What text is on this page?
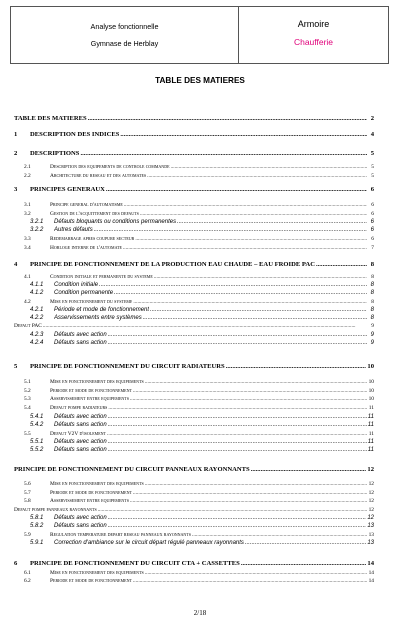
Analyse fonctionnelle
Gymnase de Herblay
Armoire
Chaufferie
TABLE DES MATIERES
TABLE DES MATIERES .....	2
1	DESCRIPTION DES INDICES .....	4
2	DESCRIPTIONS .....	5
2.1	Description des equipements de controle commande .....	5
2.2	Architecture du reseau et des automates .....	5
3	PRINCIPES GENERAUX .....	6
3.1	Principe general d'automatisme .....	6
3.2	Gestion de l'acquittement des defauts .....	6
3.2.1	Défauts bloquants ou conditions permanentes .....	6
3.2.2	Autres défauts .....	6
3.3	Redemarrage apres coupure secteur .....	6
3.4	Horloge interne de l'automate .....	7
4	PRINCIPE DE FONCTIONNEMENT DE LA PRODUCTION EAU CHAUDE – EAU FROIDE PAC .....	8
4.1	Condition initiale et permanente du systeme .....	8
4.1.1	Condition initiale .....	8
4.1.2	Condition permanente .....	8
4.2	Mise en fonctionnement du systeme .....	8
4.2.1	Période et mode de fonctionnement .....	8
4.2.2	Asservissements entre systèmes .....	8
Defaut PAC .....	9
4.2.3	Défauts avec action .....	9
4.2.4	Défauts sans action .....	9
5	PRINCIPE DE FONCTIONNEMENT DU CIRCUIT RADIATEURS .....	10
5.1	Mise en fonctionnement des equipements .....	10
5.2	Periode et mode de fonctionnement .....	10
5.3	Asservissement entre equipements .....	10
5.4	Defaut pompe radiateurs .....	11
5.4.1	Défauts avec action .....	11
5.4.2	Défauts sans action .....	11
5.5	Defaut V2V d'isolement .....	11
5.5.1	Défauts avec action .....	11
5.5.2	Défauts sans action .....	11
PRINCIPE DE FONCTIONNEMENT DU CIRCUIT PANNEAUX RAYONNANTS .....	12
5.6	Mise en fonctionnement des equipements .....	12
5.7	Periode et mode de fonctionnement .....	12
5.8	Asservissement entre equipements .....	12
Defaut pompe panneaux rayonnants .....	12
5.8.1	Défauts avec action .....	12
5.8.2	Défauts sans action .....	13
5.9	Regulation temperature depart reseau panneaux rayonnants .....	13
5.9.1	Correction d'ambiance sur le circuit départ régulé panneaux rayonnants .....	13
6	PRINCIPE DE FONCTIONNEMENT DU CIRCUIT CTA + CASSETTES .....	14
6.1	Mise en fonctionnement des equipements .....	14
6.2	Periode et mode de fonctionnement .....	14
2/18
